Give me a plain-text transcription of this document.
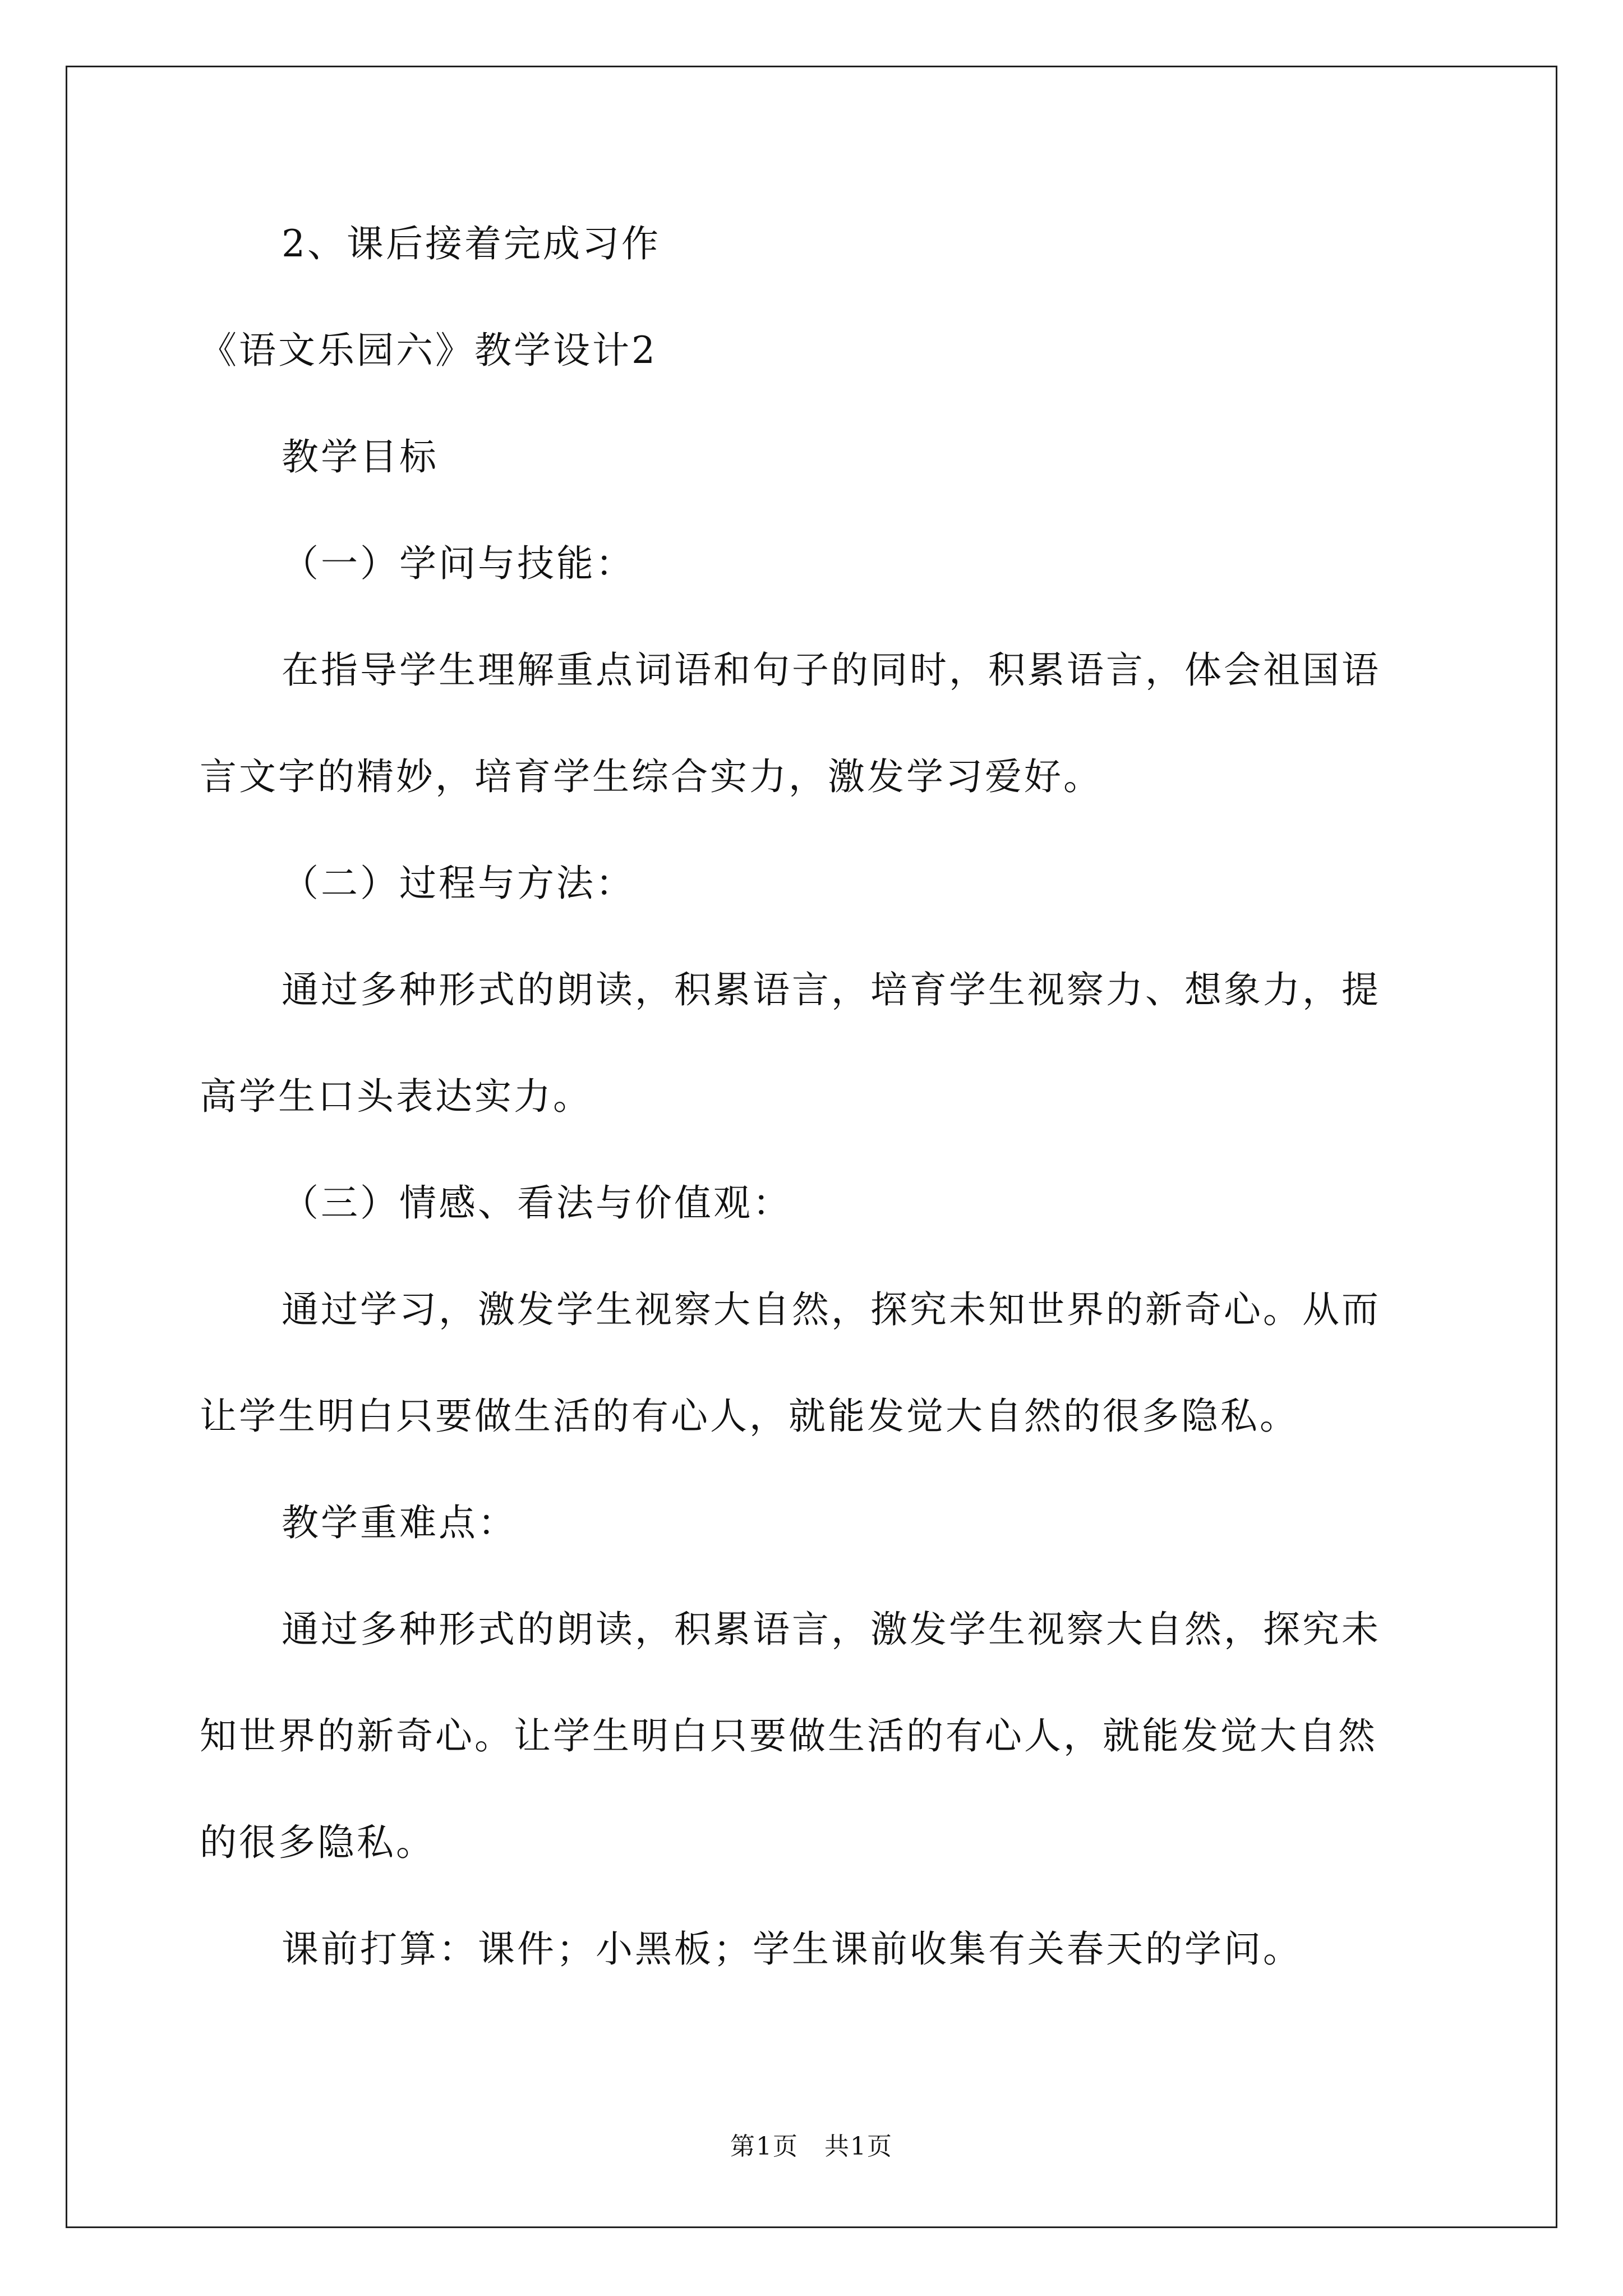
2、课后接着完成习作
《语文乐园六》教学设计2
教学目标
（一）学问与技能：
在指导学生理解重点词语和句子的同时，积累语言，体会祖国语
言文字的精妙，培育学生综合实力，激发学习爱好。
（二）过程与方法：
通过多种形式的朗读，积累语言，培育学生视察力、想象力，提
高学生口头表达实力。
（三）情感、看法与价值观：
通过学习，激发学生视察大自然，探究未知世界的新奇心。从而
让学生明白只要做生活的有心人，就能发觉大自然的很多隐私。
教学重难点：
通过多种形式的朗读，积累语言，激发学生视察大自然，探究未
知世界的新奇心。让学生明白只要做生活的有心人，就能发觉大自然
的很多隐私。
课前打算：课件；小黑板；学生课前收集有关春天的学问。
第1页　共1页
